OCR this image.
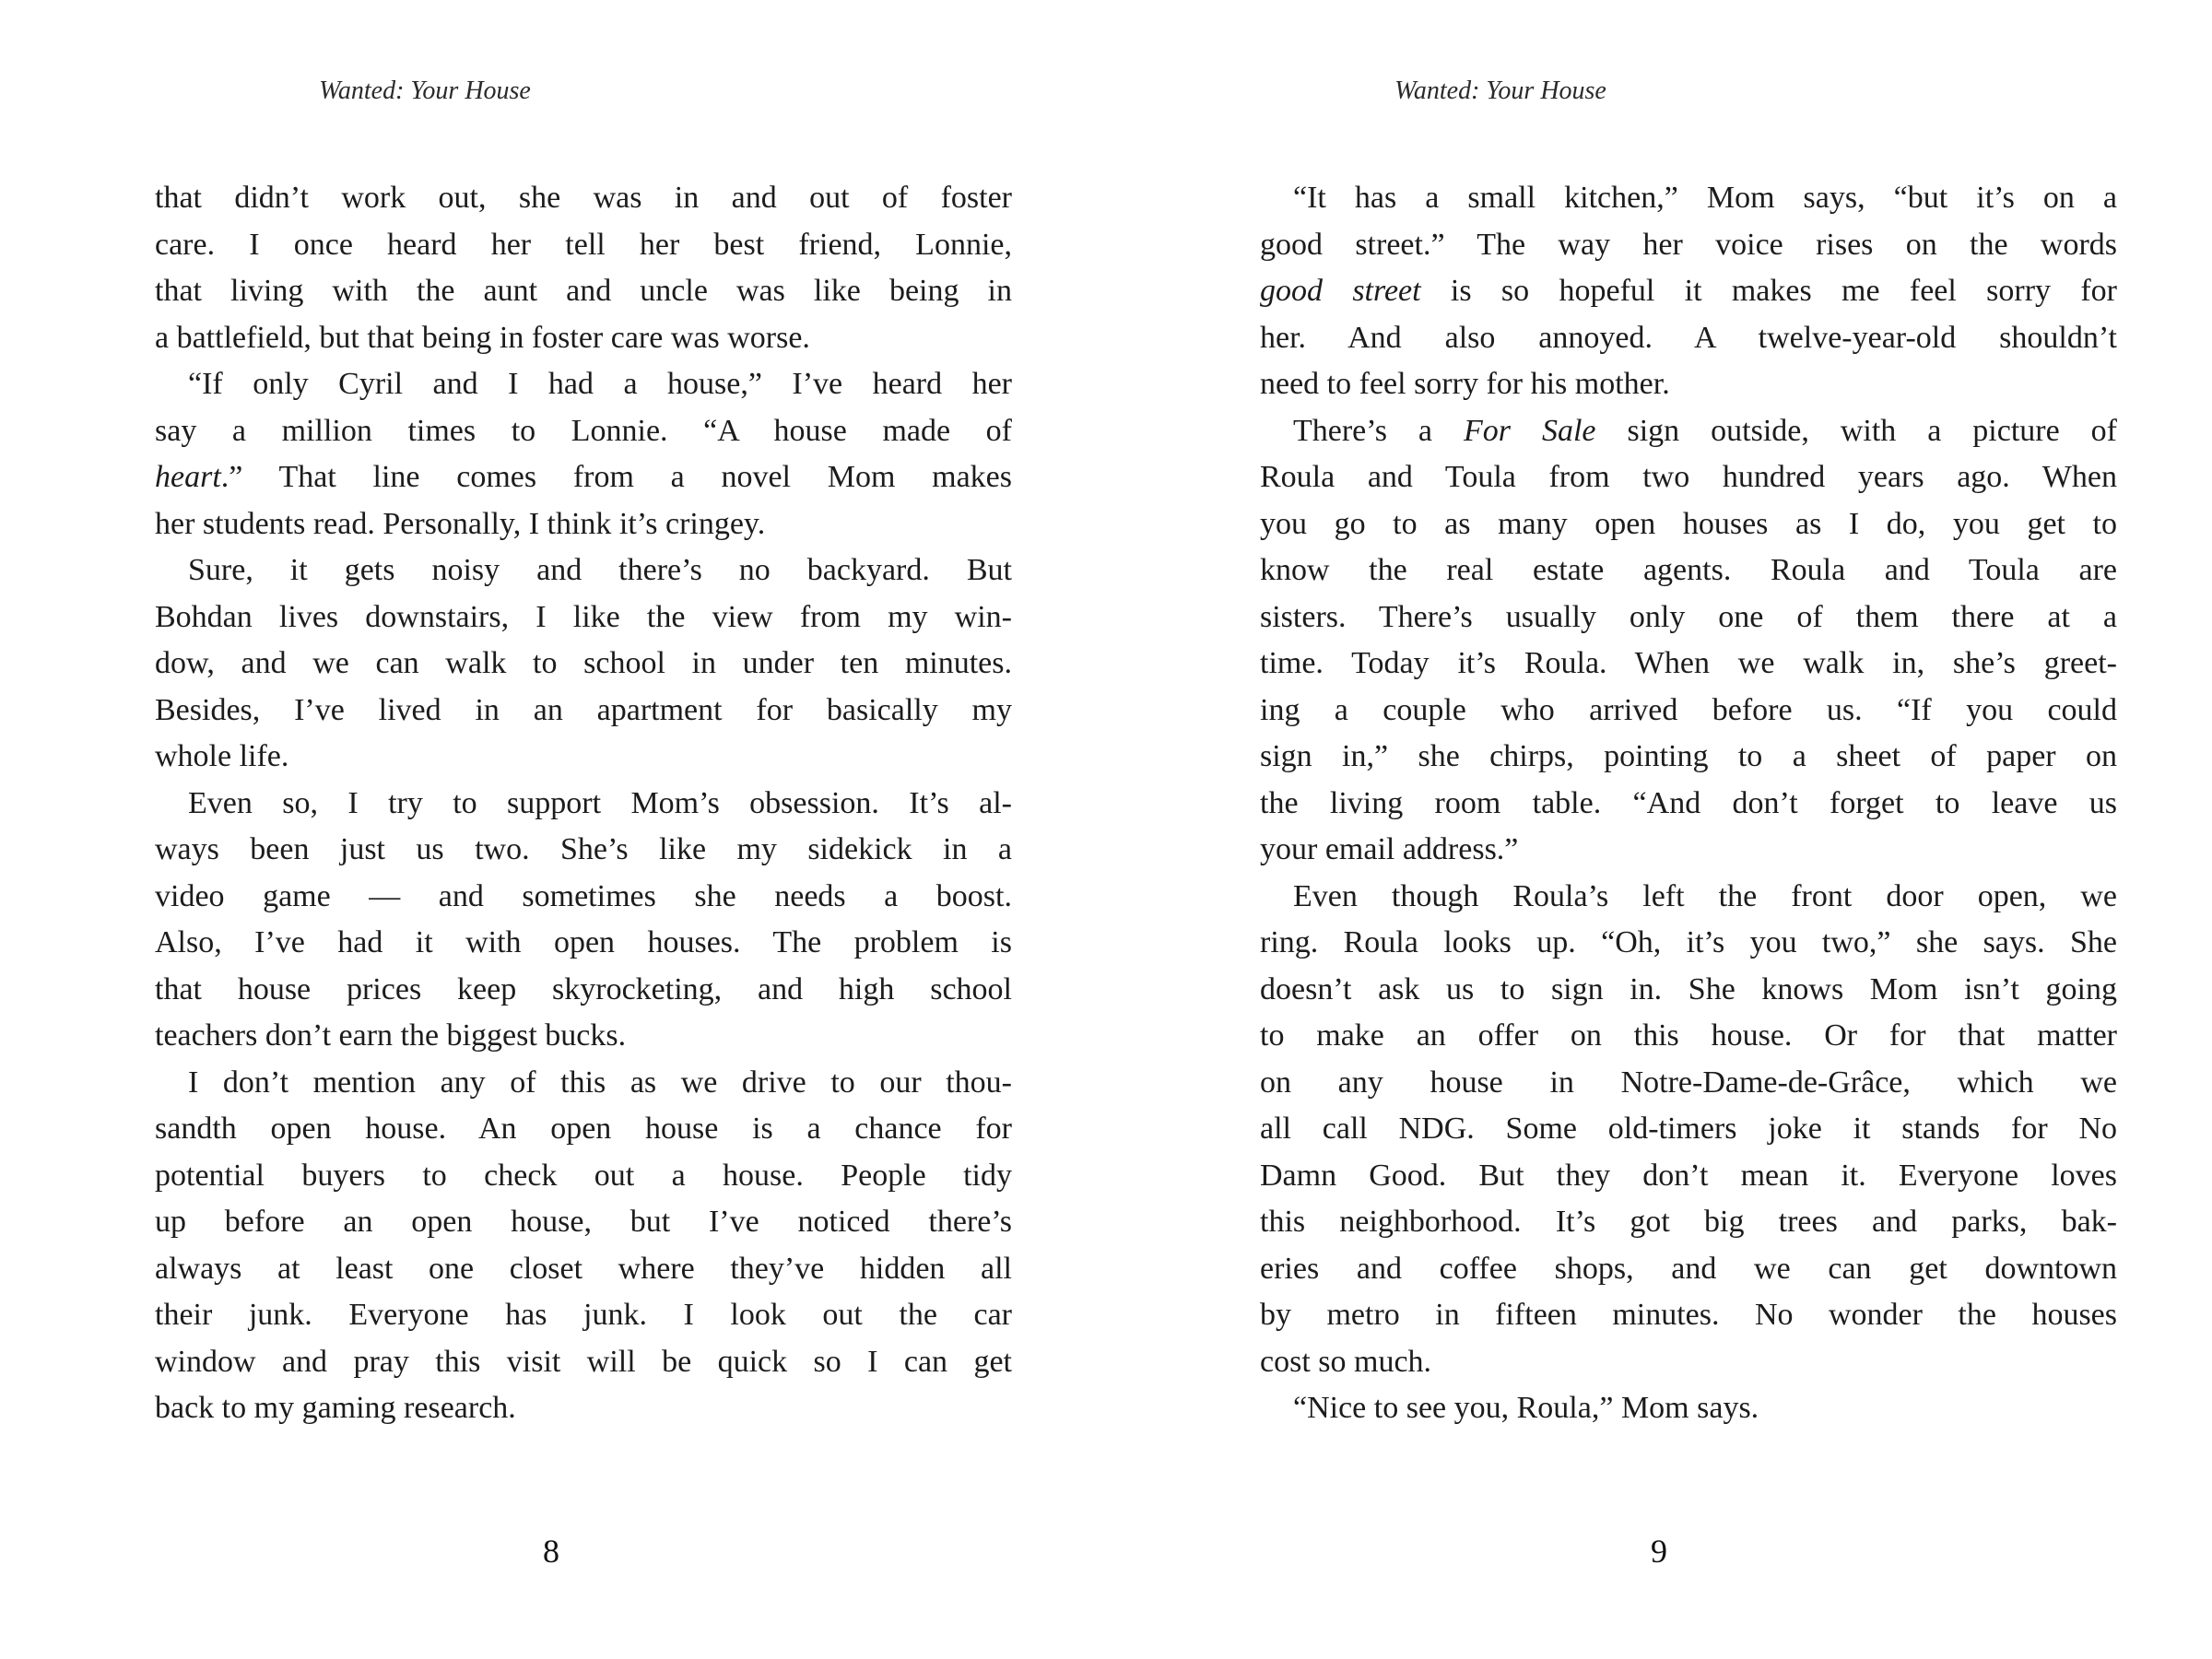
Wanted: Your House
that didn’t work out, she was in and out of foster
care. I once heard her tell her best friend, Lonnie,
that living with the aunt and uncle was like being in
a battlefield, but that being in foster care was worse.
“If only Cyril and I had a house,” I’ve heard her
say a million times to Lonnie. “A house made of
heart.” That line comes from a novel Mom makes
her students read. Personally, I think it’s cringey.
Sure, it gets noisy and there’s no backyard. But
Bohdan lives downstairs, I like the view from my win-
dow, and we can walk to school in under ten minutes.
Besides, I’ve lived in an apartment for basically my
whole life.
Even so, I try to support Mom’s obsession. It’s al-
ways been just us two. She’s like my sidekick in a
video game — and sometimes she needs a boost.
Also, I’ve had it with open houses. The problem is
that house prices keep skyrocketing, and high school
teachers don’t earn the biggest bucks.
I don’t mention any of this as we drive to our thou-
sandth open house. An open house is a chance for
potential buyers to check out a house. People tidy
up before an open house, but I’ve noticed there’s
always at least one closet where they’ve hidden all
their junk. Everyone has junk. I look out the car
window and pray this visit will be quick so I can get
back to my gaming research.
8
Wanted: Your House
“It has a small kitchen,” Mom says, “but it’s on a
good street.” The way her voice rises on the words
good street is so hopeful it makes me feel sorry for
her. And also annoyed. A twelve-year-old shouldn’t
need to feel sorry for his mother.
There’s a For Sale sign outside, with a picture of
Roula and Toula from two hundred years ago. When
you go to as many open houses as I do, you get to
know the real estate agents. Roula and Toula are
sisters. There’s usually only one of them there at a
time. Today it’s Roula. When we walk in, she’s greet-
ing a couple who arrived before us. “If you could
sign in,” she chirps, pointing to a sheet of paper on
the living room table. “And don’t forget to leave us
your email address.”
Even though Roula’s left the front door open, we
ring. Roula looks up. “Oh, it’s you two,” she says. She
doesn’t ask us to sign in. She knows Mom isn’t going
to make an offer on this house. Or for that matter
on any house in Notre-Dame-de-Grâce, which we
all call NDG. Some old-timers joke it stands for No
Damn Good. But they don’t mean it. Everyone loves
this neighborhood. It’s got big trees and parks, bak-
eries and coffee shops, and we can get downtown
by metro in fifteen minutes. No wonder the houses
cost so much.
“Nice to see you, Roula,” Mom says.
9
